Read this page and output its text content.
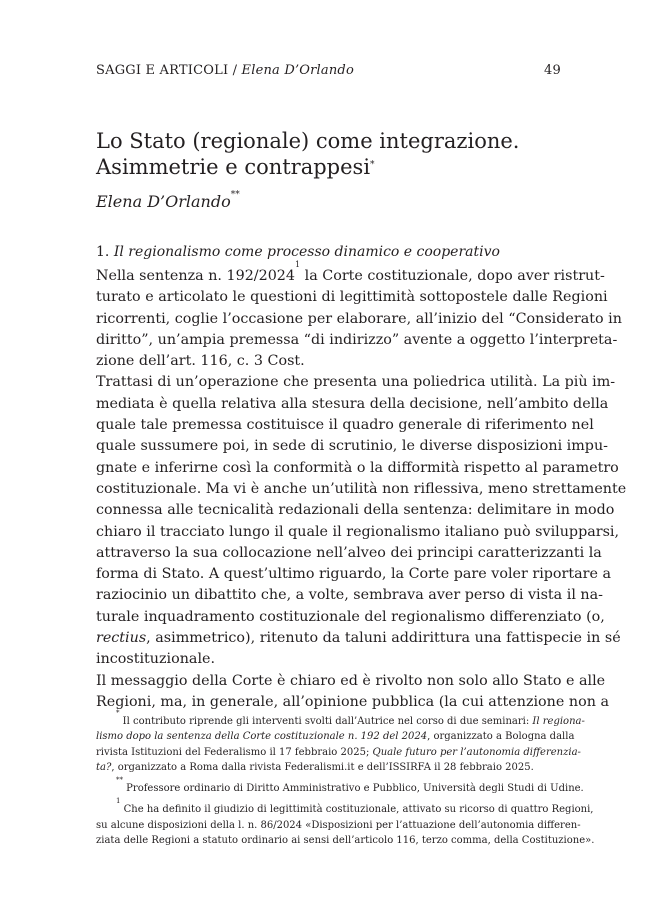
SAGGI E ARTICOLI / Elena D’Orlando	49
Lo Stato (regionale) come integrazione.
Asimmetrie e contrappesi*
Elena D’Orlando**
1. Il regionalismo come processo dinamico e cooperativo
Nella sentenza n. 192/2024$^1$ la Corte costituzionale, dopo aver ristrut-
turato e articolato le questioni di legittimità sottopostele dalle Regioni
ricorrenti, coglie l’occasione per elaborare, all’inizio del “Considerato in
diritto”, un’ampia premessa “di indirizzo” avente a oggetto l’interpreta-
zione dell’art. 116, c. 3 Cost.
Trattasi di un’operazione che presenta una poliedrica utilità. La più im-
mediata è quella relativa alla stesura della decisione, nell’ambito della
quale tale premessa costituisce il quadro generale di riferimento nel
quale sussumere poi, in sede di scrutinio, le diverse disposizioni impu-
gnate e inferirne così la conformità o la difformità rispetto al parametro
costituzionale. Ma vi è anche un’utilità non riflessiva, meno strettamente
connessa alle tecnicalità redazionali della sentenza: delimitare in modo
chiaro il tracciato lungo il quale il regionalismo italiano può svilupparsi,
attraverso la sua collocazione nell’alveo dei principi caratterizzanti la
forma di Stato. A quest’ultimo riguardo, la Corte pare voler riportare a
raziocinio un dibattito che, a volte, sembrava aver perso di vista il na-
turale inquadramento costituzionale del regionalismo differenziato (o,
rectius, asimmetrico), ritenuto da taluni addirittura una fattispecie in sé
incostituzionale.
Il messaggio della Corte è chiaro ed è rivolto non solo allo Stato e alle
Regioni, ma, in generale, all’opinione pubblica (la cui attenzione non a
* Il contributo riprende gli interventi svolti dall’Autrice nel corso di due seminari: Il regiona-
lismo dopo la sentenza della Corte costituzionale n. 192 del 2024, organizzato a Bologna dalla
rivista Istituzioni del Federalismo il 17 febbraio 2025; Quale futuro per l’autonomia differenzia-
ta?, organizzato a Roma dalla rivista Federalismi.it e dell’ISSIRFA il 28 febbraio 2025.
** Professore ordinario di Diritto Amministrativo e Pubblico, Università degli Studi di Udine.
$^1$ Che ha definito il giudizio di legittimità costituzionale, attivato su ricorso di quattro Regioni,
su alcune disposizioni della l. n. 86/2024 «Disposizioni per l’attuazione dell’autonomia differen-
ziata delle Regioni a statuto ordinario ai sensi dell’articolo 116, terzo comma, della Costituzione».
